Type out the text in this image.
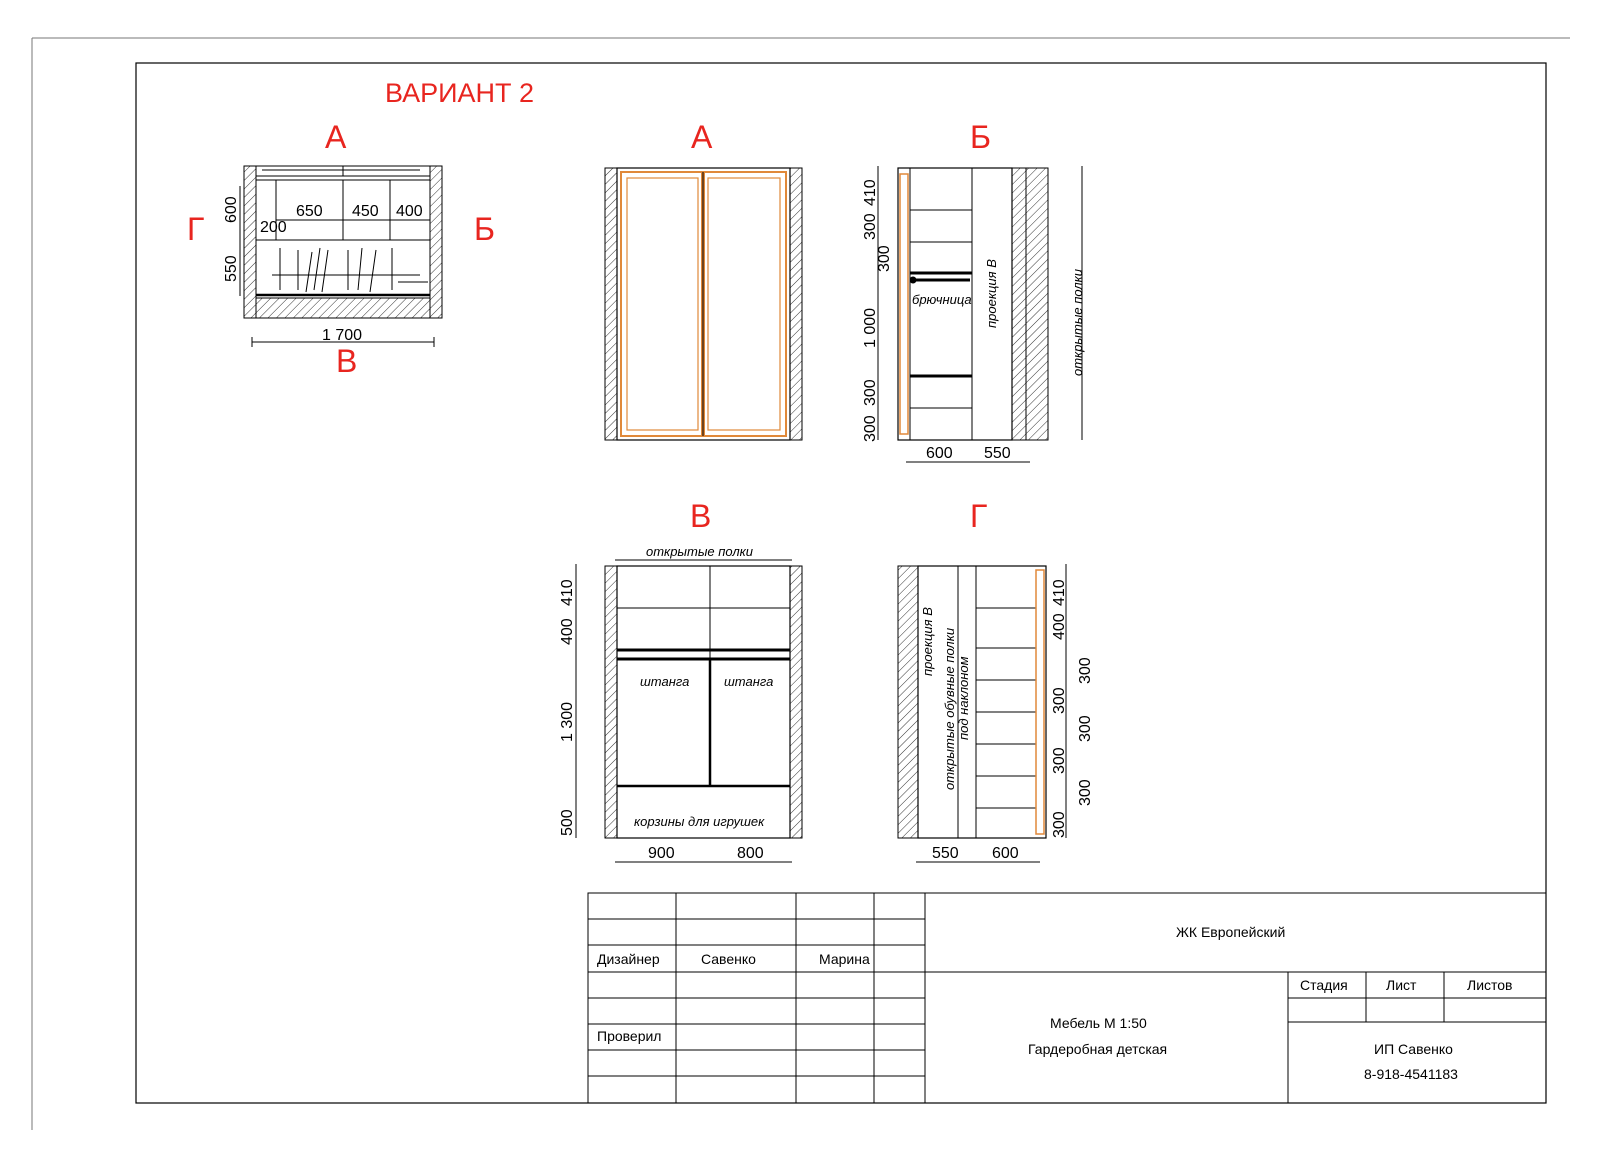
ВАРИАНТ 2
А
Г	Б
В
650 450 400
200
600
550
1 700
А	Б
брючница проекция В	открытые полки
410
300
300
1 000
300
300
600 550
В
открытые полки
штанга	штанга
корзины для игрушек
410
400
1 300
500
900	800
Г
проекция В открытые обувные полки под наклоном
410
400
300
300
300
300
300
300
550 600
Дизайнер	Савенко	Марина
Проверил
ЖК Европейский
Стадия	Лист	Листов
Мебель М 1:50
Гардеробная детская	ИП Савенко
8-918-4541183
